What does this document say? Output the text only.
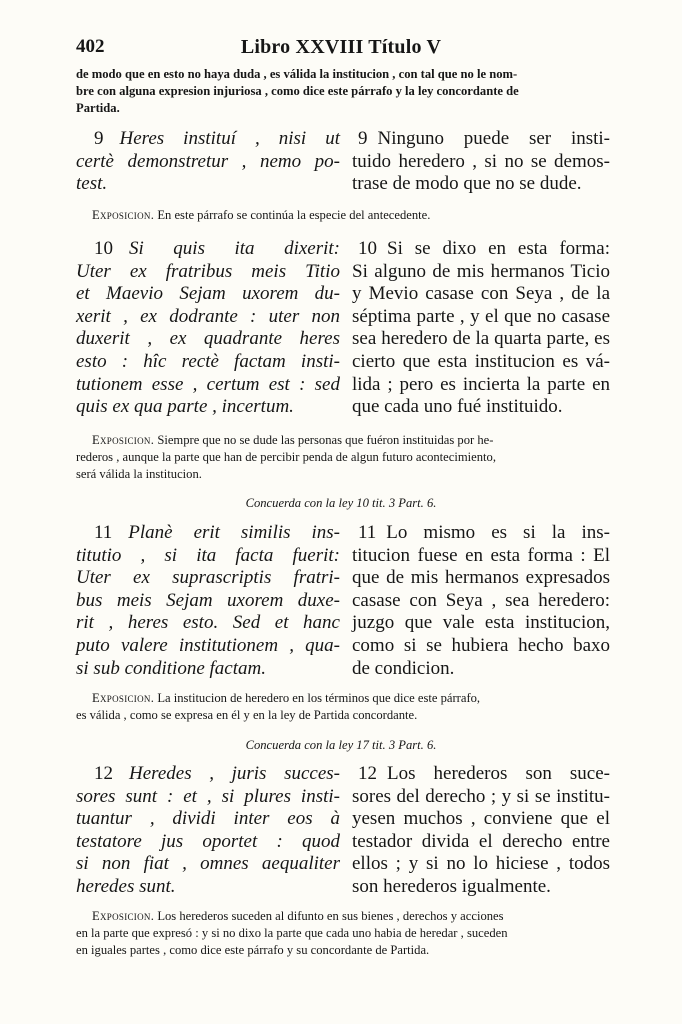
402	Libro XXVIII Título V
de modo que en esto no haya duda , es válida la institucion , con tal que no le nom-
bre con alguna expresion injuriosa , como dice este párrafo y la ley concordante de
Partida.
9 Heres instituí , nisi ut
certè demonstretur , nemo po-
test.
9 Ninguno puede ser insti-
tuido heredero , si no se demos-
trase de modo que no se dude.
Exposicion. En este párrafo se continúa la especie del antecedente.
10 Si quis ita dixerit:
Uter ex fratribus meis Titio
et Maevio Sejam uxorem du-
xerit , ex dodrante : uter non
duxerit , ex quadrante heres
esto : hîc rectè factam insti-
tutionem esse , certum est : sed
quis ex qua parte , incertum.
10 Si se dixo en esta forma:
Si alguno de mis hermanos Ticio
y Mevio casase con Seya , de la
séptima parte , y el que no casase
sea heredero de la quarta parte, es
cierto que esta institucion es vá-
lida ; pero es incierta la parte en
que cada uno fué instituido.
Exposicion. Siempre que no se dude las personas que fuéron instituidas por he-
rederos , aunque la parte que han de percibir penda de algun futuro acontecimiento,
será válida la institucion.
Concuerda con la ley 10 tit. 3 Part. 6.
11 Planè erit similis ins-
titutio , si ita facta fuerit:
Uter ex suprascriptis fratri-
bus meis Sejam uxorem duxe-
rit , heres esto. Sed et hanc
puto valere institutionem , qua-
si sub conditione factam.
11 Lo mismo es si la ins-
titucion fuese en esta forma : El
que de mis hermanos expresados
casase con Seya , sea heredero:
juzgo que vale esta institucion,
como si se hubiera hecho baxo
de condicion.
Exposicion. La institucion de heredero en los términos que dice este párrafo,
es válida , como se expresa en él y en la ley de Partida concordante.
Concuerda con la ley 17 tit. 3 Part. 6.
12 Heredes , juris succes-
sores sunt : et , si plures insti-
tuantur , dividi inter eos à
testatore jus oportet : quod
si non fiat , omnes aequaliter
heredes sunt.
12 Los herederos son suce-
sores del derecho ; y si se institu-
yesen muchos , conviene que el
testador divida el derecho entre
ellos ; y si no lo hiciese , todos
son herederos igualmente.
Exposicion. Los herederos suceden al difunto en sus bienes , derechos y acciones
en la parte que expresó : y si no dixo la parte que cada uno habia de heredar , suceden
en iguales partes , como dice este párrafo y su concordante de Partida.
